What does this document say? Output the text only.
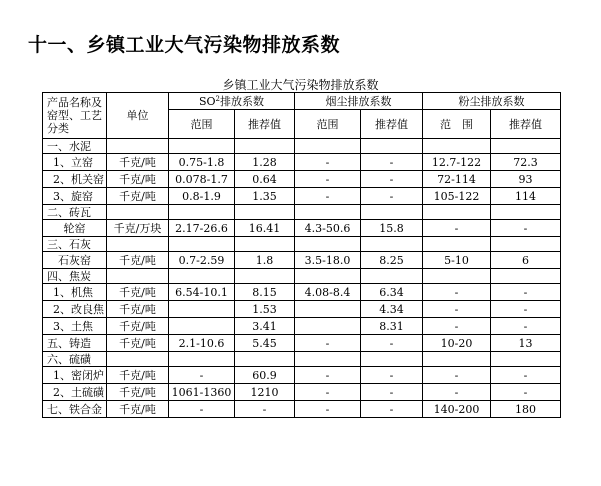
十一、乡镇工业大气污染物排放系数
乡镇工业大气污染物排放系数
产品名称及窑型、工艺分类	单位	$SO^2$排放系数		烟尘排放系数		粉尘排放系数	
		范围	推荐值	范围	推荐值	范　围	推荐值
一、水泥							
1、立窑	千克/吨	0.75-1.8	1.28	-	-	12.7-122	72.3
2、机关窑	千克/吨	0.078-1.7	0.64	-	-	72-114	93
3、旋窑	千克/吨	0.8-1.9	1.35	-	-	105-122	114
二、砖瓦							
轮窑	千克/万块	2.17-26.6	16.41	4.3-50.6	15.8	-	-
三、石灰							
石灰窑	千克/吨	0.7-2.59	1.8	3.5-18.0	8.25	5-10	6
四、焦炭							
1、机焦	千克/吨	6.54-10.1	8.15	4.08-8.4	6.34	-	-
2、改良焦	千克/吨		1.53		4.34	-	-
3、土焦	千克/吨		3.41		8.31	-	-
五、铸造	千克/吨	2.1-10.6	5.45	-	-	10-20	13
六、硫磺							
1、密闭炉	千克/吨	-	60.9	-	-	-	-
2、土硫磺	千克/吨	1061-1360	1210	-	-	-	-
七、铁合金	千克/吨	-	-	-	-	140-200	180
